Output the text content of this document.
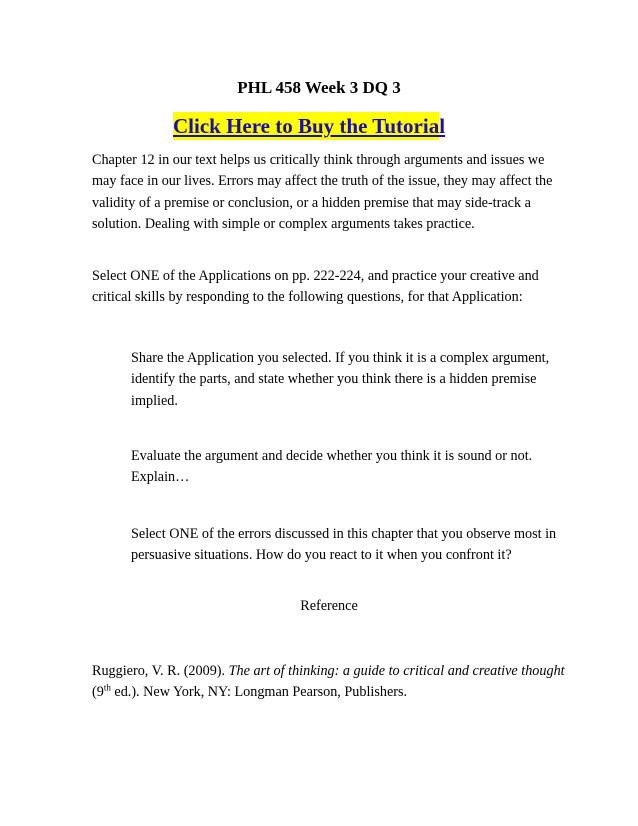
PHL 458 Week 3 DQ 3
Click Here to Buy the Tutorial

Chapter 12 in our text helps us critically think through arguments and issues we may face in our lives. Errors may affect the truth of the issue, they may affect the validity of a premise or conclusion, or a hidden premise that may side-track a solution. Dealing with simple or complex arguments takes practice.

Select ONE of the Applications on pp. 222-224, and practice your creative and critical skills by responding to the following questions, for that Application:

Share the Application you selected. If you think it is a complex argument, identify the parts, and state whether you think there is a hidden premise implied.

Evaluate the argument and decide whether you think it is sound or not. Explain…

Select ONE of the errors discussed in this chapter that you observe most in persuasive situations. How do you react to it when you confront it?

Reference

Ruggiero, V. R. (2009). The art of thinking: a guide to critical and creative thought (9th ed.). New York, NY: Longman Pearson, Publishers.
